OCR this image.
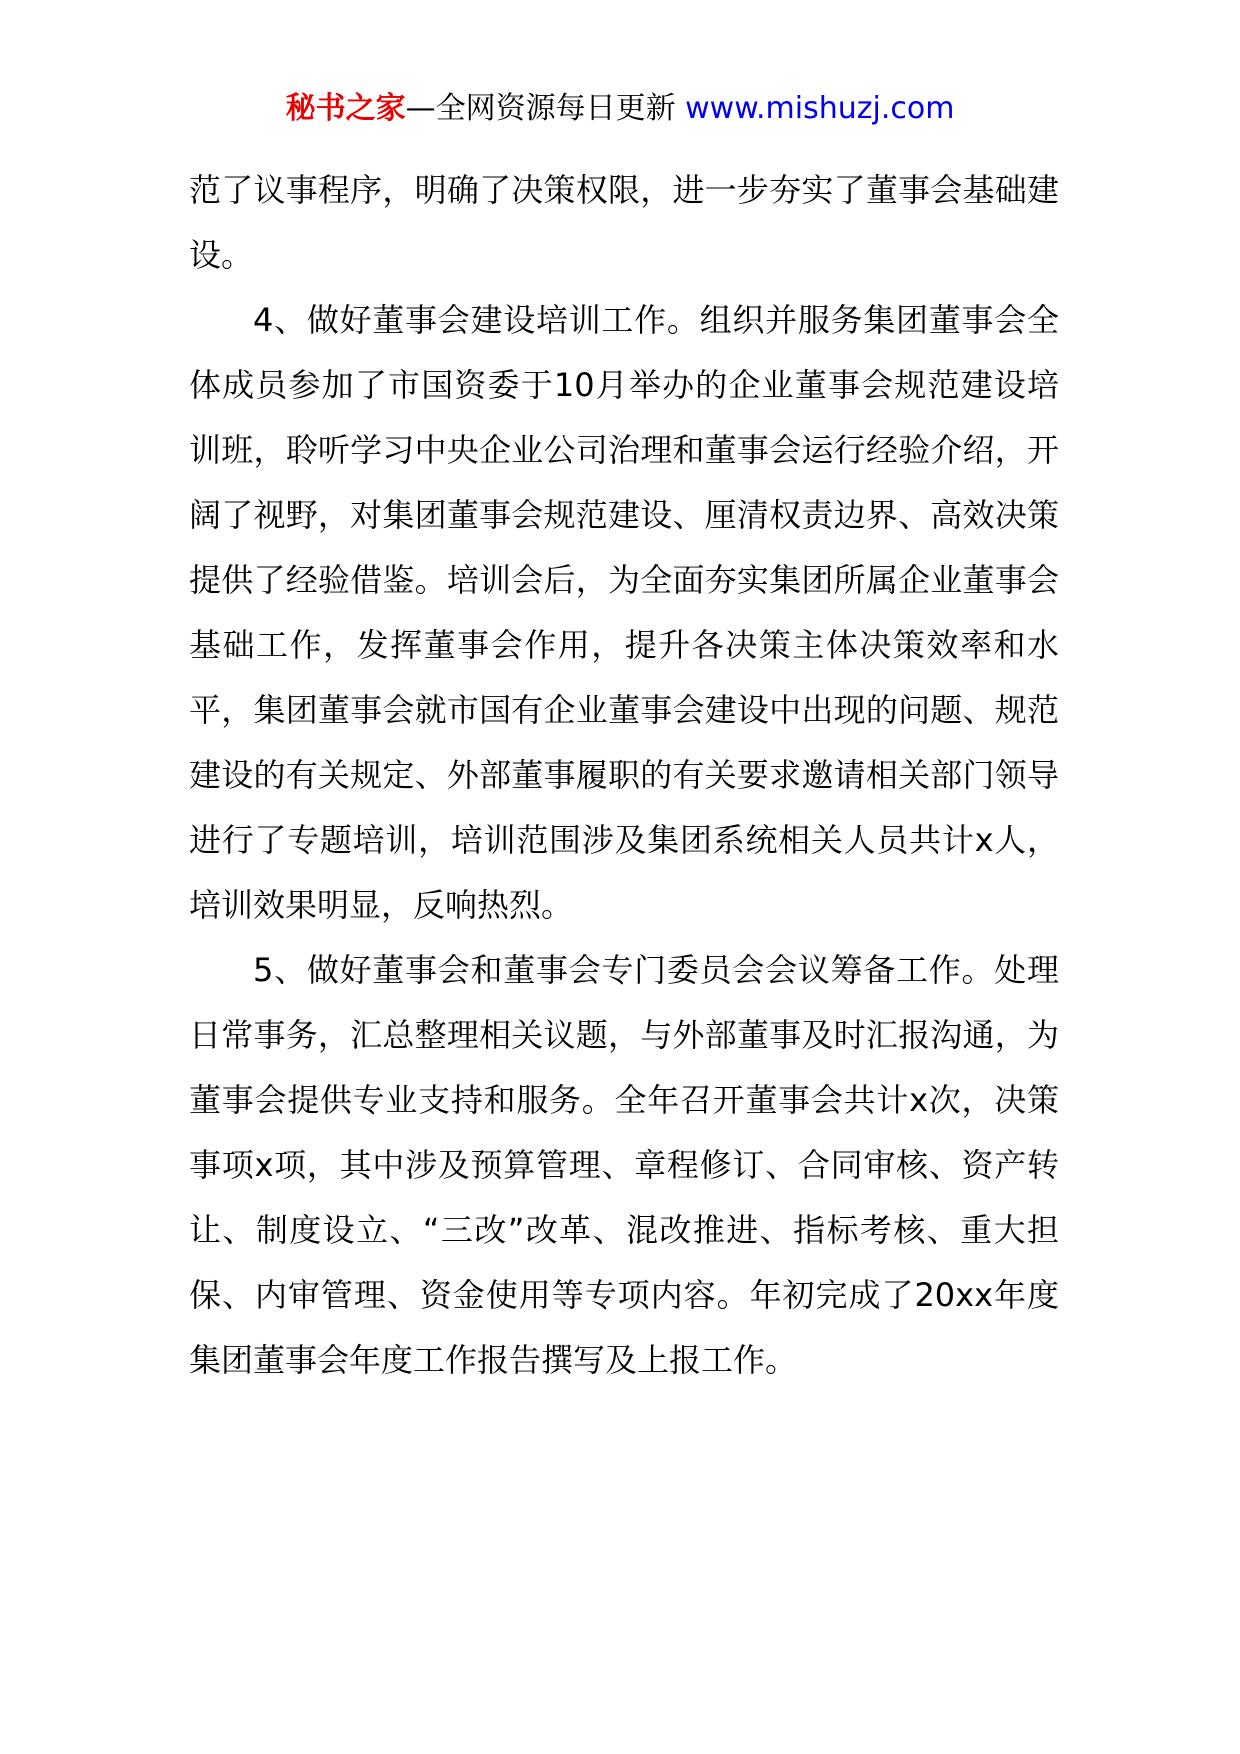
秘书之家—全网资源每日更新 www.mishuzj.com

范了议事程序，明确了决策权限，进一步夯实了董事会基础建设。

4、做好董事会建设培训工作。组织并服务集团董事会全体成员参加了市国资委于10月举办的企业董事会规范建设培训班，聆听学习中央企业公司治理和董事会运行经验介绍，开阔了视野，对集团董事会规范建设、厘清权责边界、高效决策提供了经验借鉴。培训会后，为全面夯实集团所属企业董事会基础工作，发挥董事会作用，提升各决策主体决策效率和水平，集团董事会就市国有企业董事会建设中出现的问题、规范建设的有关规定、外部董事履职的有关要求邀请相关部门领导进行了专题培训，培训范围涉及集团系统相关人员共计x人，培训效果明显，反响热烈。

5、做好董事会和董事会专门委员会会议筹备工作。处理日常事务，汇总整理相关议题，与外部董事及时汇报沟通，为董事会提供专业支持和服务。全年召开董事会共计x次，决策事项x项，其中涉及预算管理、章程修订、合同审核、资产转让、制度设立、“三改”改革、混改推进、指标考核、重大担保、内审管理、资金使用等专项内容。年初完成了20xx年度集团董事会年度工作报告撰写及上报工作。
